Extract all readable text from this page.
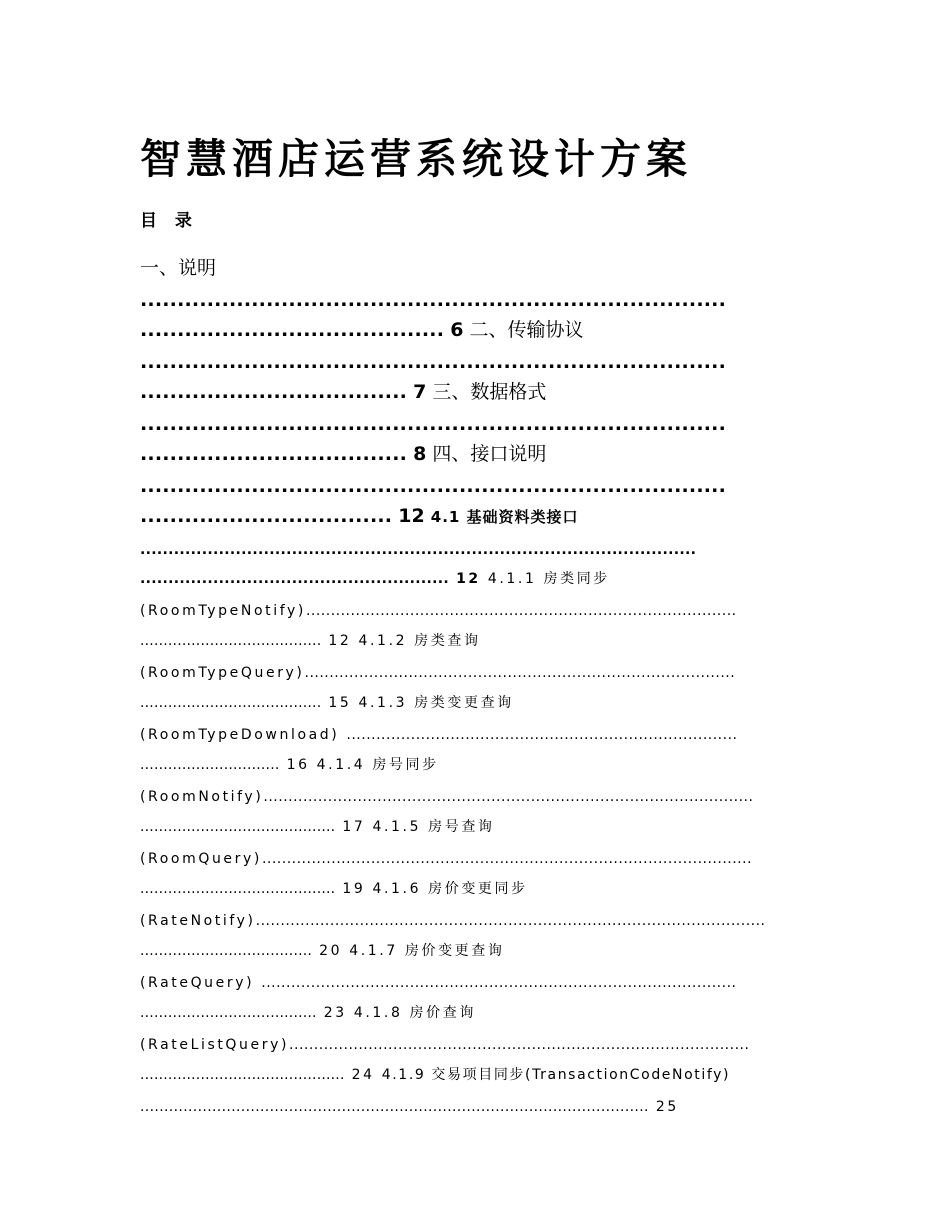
智慧酒店运营系统设计方案
目 录
一、说明
...............................................................................
......................................... 6 二、传输协议
...............................................................................
.................................... 7 三、数据格式
...............................................................................
.................................... 8 四、接口说明
...............................................................................
.................................. 12 4.1 基础资料类接口
...................................................................................................
....................................................... 12 4.1.1 房类同步
(RoomTypeNotify).......................................................................................
....................................... 12 4.1.2 房类查询
(RoomTypeQuery).......................................................................................
....................................... 15 4.1.3 房类变更查询
(RoomTypeDownload) ...............................................................................
.............................. 16 4.1.4 房号同步
(RoomNotify)...................................................................................................
.......................................... 17 4.1.5 房号查询
(RoomQuery)...................................................................................................
.......................................... 19 4.1.6 房价变更同步
(RateNotify).......................................................................................................
..................................... 20 4.1.7 房价变更查询
(RateQuery) ................................................................................................
...................................... 23 4.1.8 房价查询
(RateListQuery).............................................................................................
............................................ 24 4.1.9 交易项目同步(TransactionCodeNotify)
.......................................................................................................... 25
